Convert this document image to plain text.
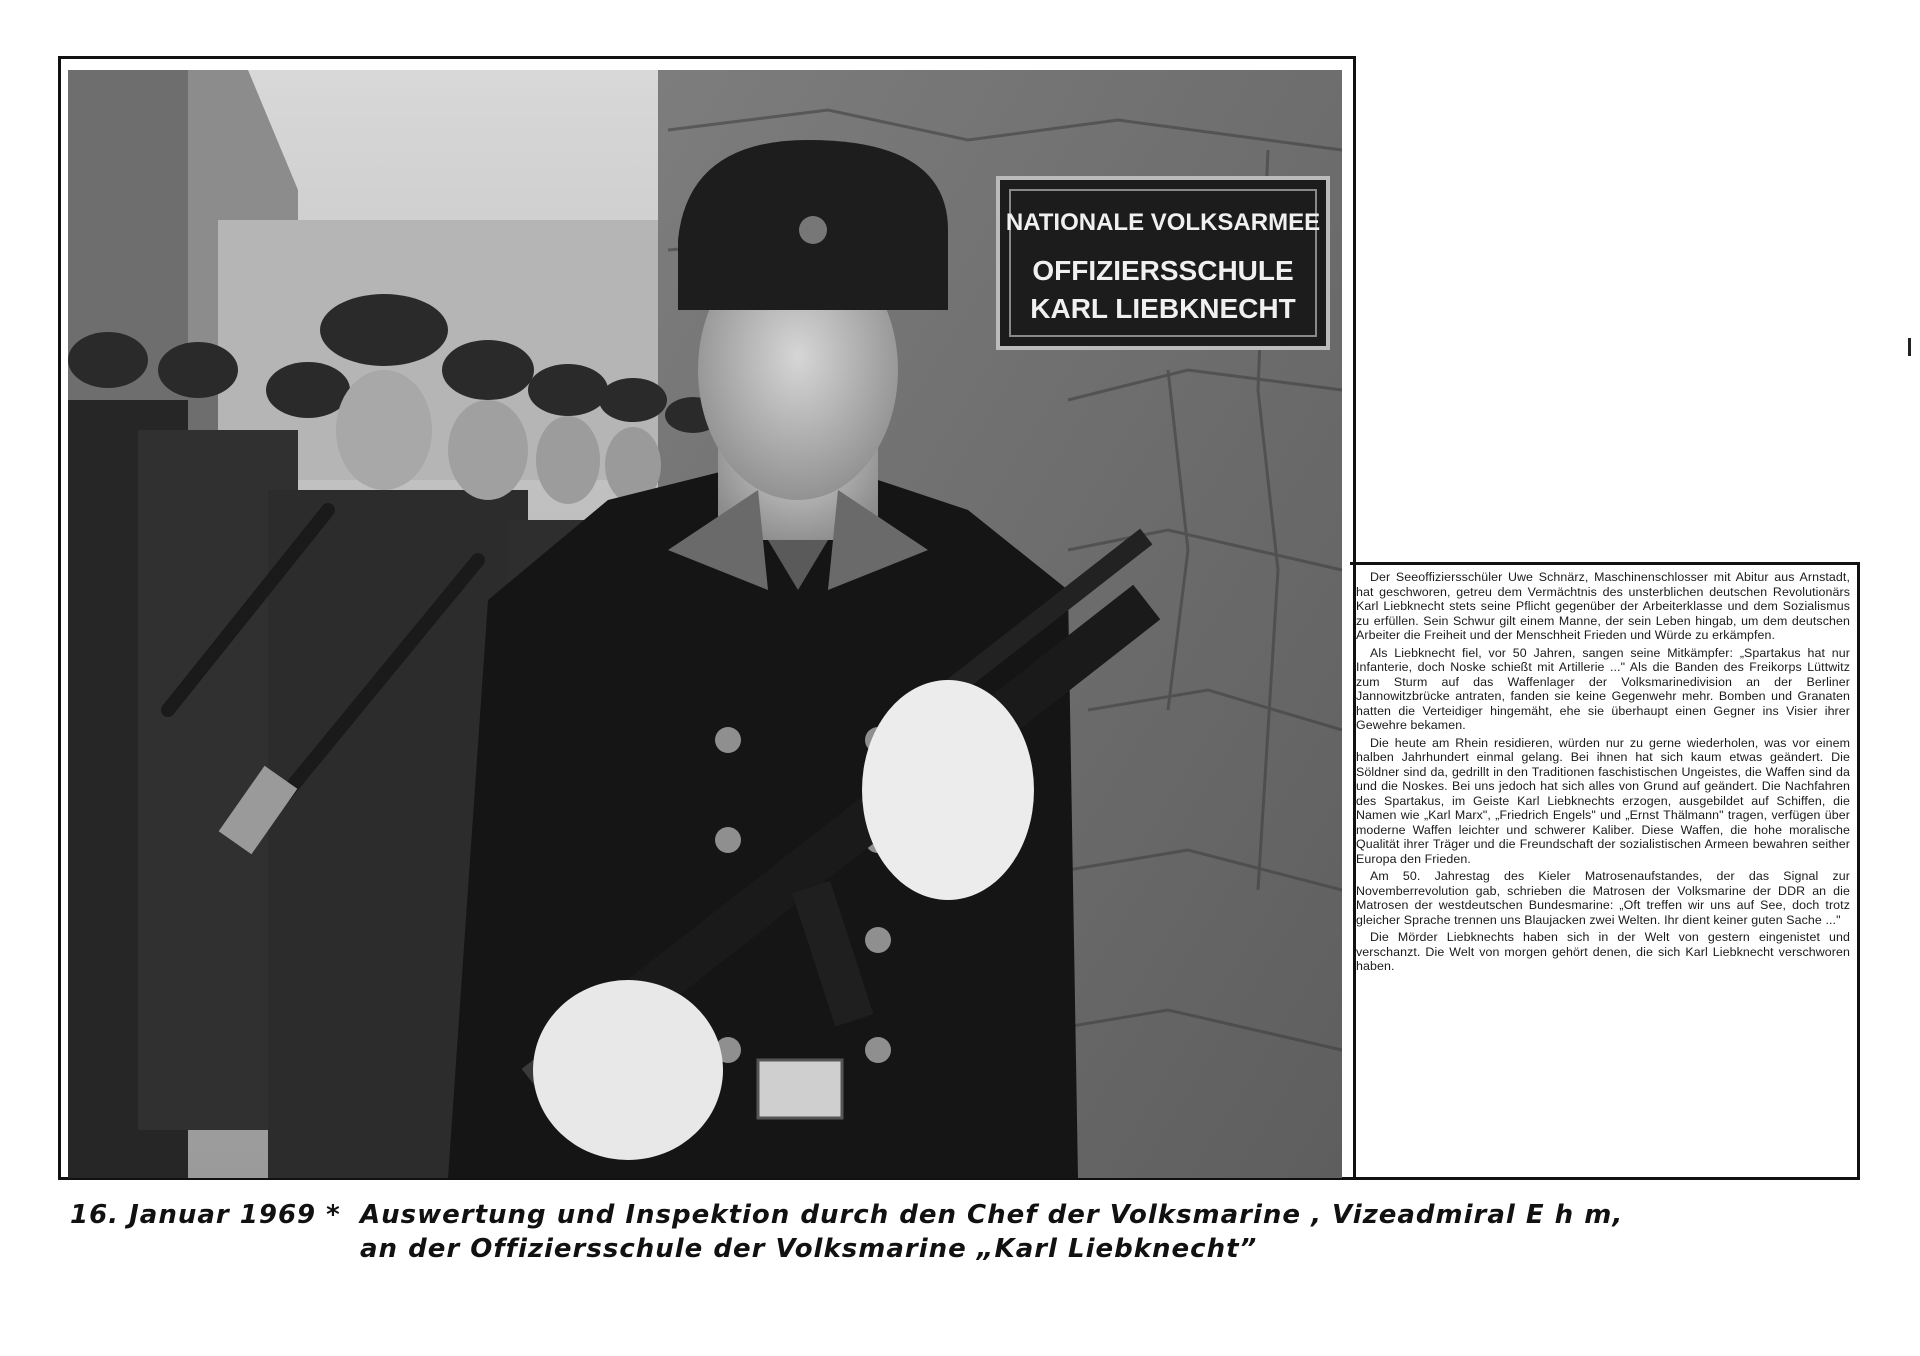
NATIONALE VOLKSARMEE
OFFIZIERSSCHULE
KARL LIEBKNECHT

Der Seeoffiziersschüler Uwe Schnärz, Maschinenschlosser mit Abitur aus Arnstadt, hat geschworen, getreu dem Vermächtnis des unsterblichen deutschen Revolutionärs Karl Liebknecht stets seine Pflicht gegenüber der Arbeiterklasse und dem Sozialismus zu erfüllen. Sein Schwur gilt einem Manne, der sein Leben hingab, um dem deutschen Arbeiter die Freiheit und der Menschheit Frieden und Würde zu erkämpfen.

Als Liebknecht fiel, vor 50 Jahren, sangen seine Mitkämpfer: „Spartakus hat nur Infanterie, doch Noske schießt mit Artillerie ..." Als die Banden des Freikorps Lüttwitz zum Sturm auf das Waffenlager der Volksmarinedivision an der Berliner Jannowitzbrücke antraten, fanden sie keine Gegenwehr mehr. Bomben und Granaten hatten die Verteidiger hingemäht, ehe sie überhaupt einen Gegner ins Visier ihrer Gewehre bekamen.

Die heute am Rhein residieren, würden nur zu gerne wiederholen, was vor einem halben Jahrhundert einmal gelang. Bei ihnen hat sich kaum etwas geändert. Die Söldner sind da, gedrillt in den Traditionen faschistischen Ungeistes, die Waffen sind da und die Noskes. Bei uns jedoch hat sich alles von Grund auf geändert. Die Nachfahren des Spartakus, im Geiste Karl Liebknechts erzogen, ausgebildet auf Schiffen, die Namen wie „Karl Marx", „Friedrich Engels" und „Ernst Thälmann" tragen, verfügen über moderne Waffen leichter und schwerer Kaliber. Diese Waffen, die hohe moralische Qualität ihrer Träger und die Freundschaft der sozialistischen Armeen bewahren seither Europa den Frieden.

Am 50. Jahrestag des Kieler Matrosenaufstandes, der das Signal zur Novemberrevolution gab, schrieben die Matrosen der Volksmarine der DDR an die Matrosen der westdeutschen Bundesmarine: „Oft treffen wir uns auf See, doch trotz gleicher Sprache trennen uns Blaujacken zwei Welten. Ihr dient keiner guten Sache ..."

Die Mörder Liebknechts haben sich in der Welt von gestern eingenistet und verschanzt. Die Welt von morgen gehört denen, die sich Karl Liebknecht verschworen haben.

16. Januar 1969 * Auswertung und Inspektion durch den Chef der Volksmarine , Vizeadmiral E h m,
an der Offiziersschule der Volksmarine „Karl Liebknecht”
